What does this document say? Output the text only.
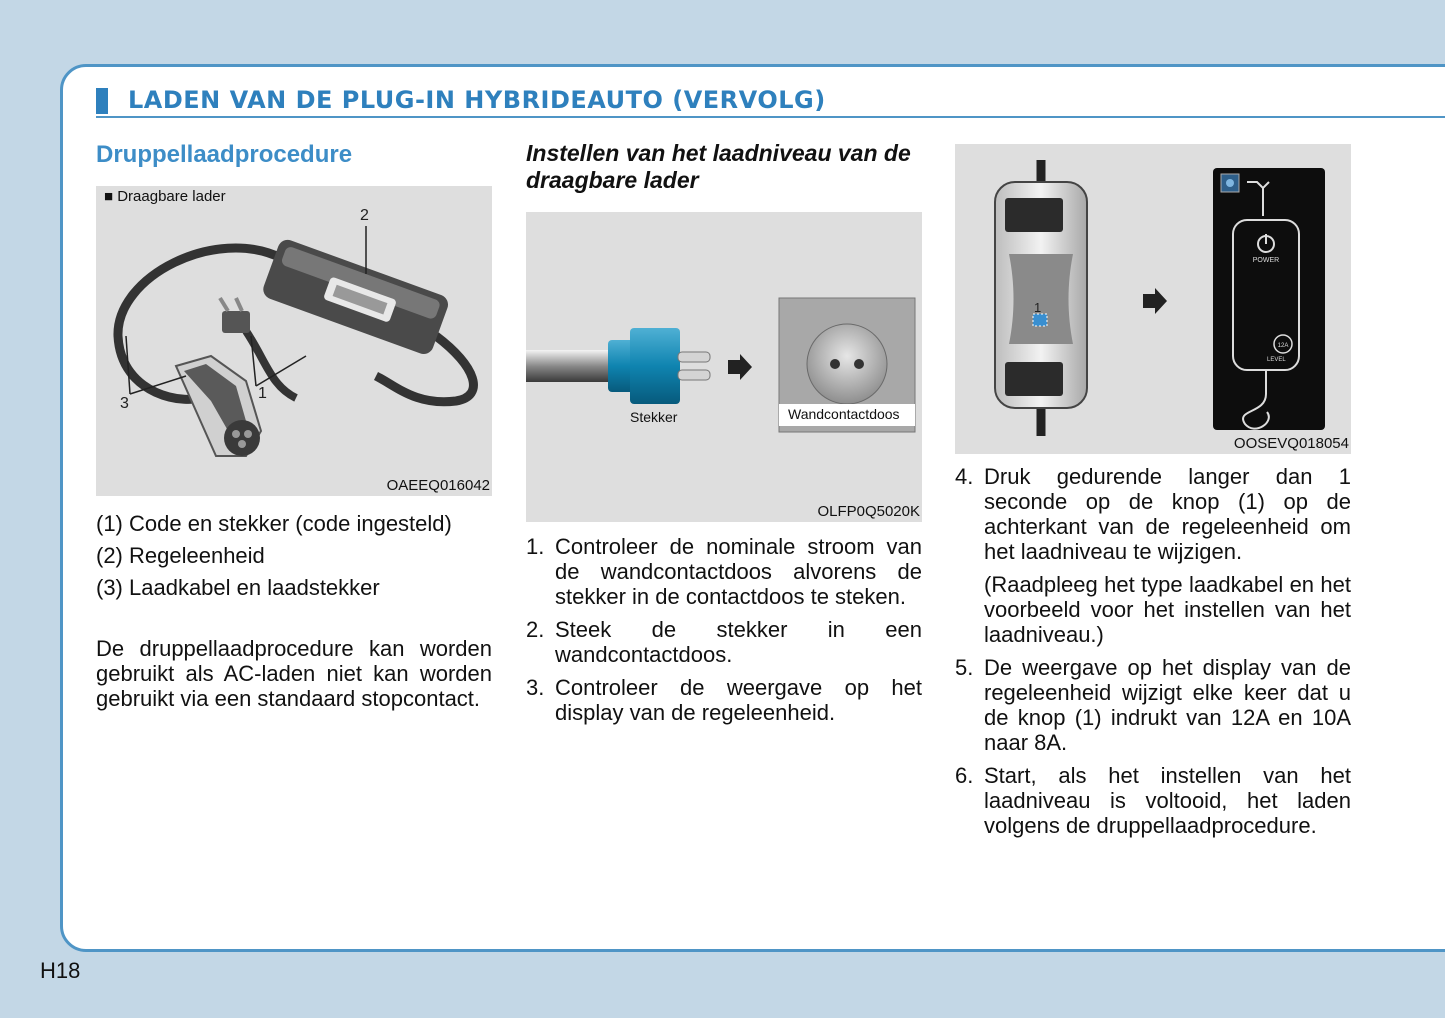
LADEN VAN DE PLUG-IN HYBRIDEAUTO (VERVOLG)
Druppellaadprocedure
■ Draagbare lader
2
3
1
OAEEQ016042

(1) Code en stekker (code ingesteld)

(2) Regeleenheid

(3) Laadkabel en laadstekker

De druppellaadprocedure kan worden gebruikt als AC-laden niet kan worden gebruikt via een standaard stopcontact.

Instellen van het laadniveau van de draagbare lader
Stekker	Wandcontactdoos
OLFP0Q5020K
1. Controleer de nominale stroom van de wandcontactdoos alvorens de stekker in de contactdoos te steken.
2. Steek de stekker in een wandcontactdoos.
3. Controleer de weergave op het display van de regeleenheid.
1
POWER
12A
LEVEL
OOSEVQ018054
4. Druk gedurende langer dan 1 seconde op de knop (1) op de achterkant van de regeleenheid om het laadniveau te wijzigen.

(Raadpleeg het type laadkabel en het voorbeeld voor het instellen van het laadniveau.)

5. De weergave op het display van de regeleenheid wijzigt elke keer dat u de knop (1) indrukt van 12A en 10A naar 8A.
6. Start, als het instellen van het laadniveau is voltooid, het laden volgens de druppellaadprocedure.
H18
